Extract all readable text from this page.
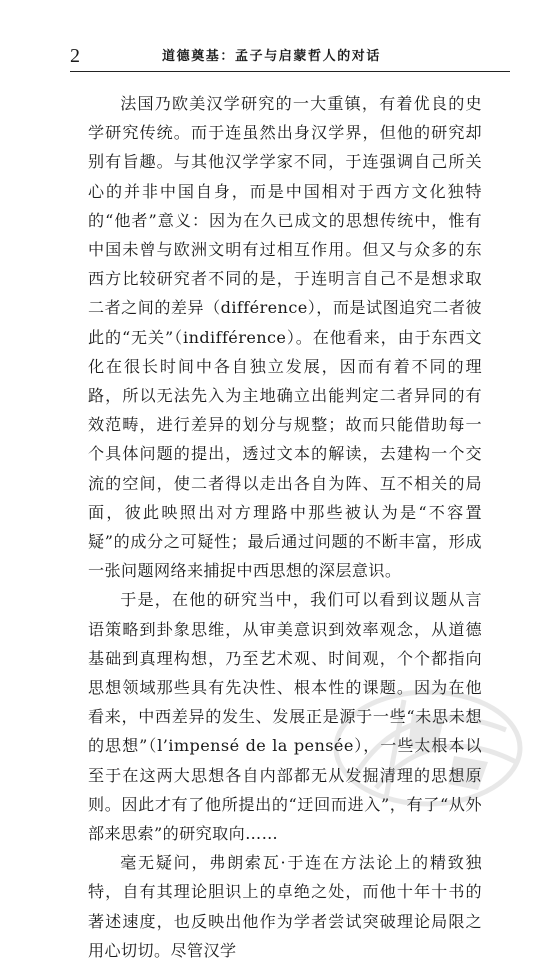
2	道德奠基：孟子与启蒙哲人的对话

法国乃欧美汉学研究的一大重镇，有着优良的史学研究传统。而于连虽然出身汉学界，但他的研究却别有旨趣。与其他汉学学家不同，于连强调自己所关心的并非中国自身，而是中国相对于西方文化独特的“他者”意义：因为在久已成文的思想传统中，惟有中国未曾与欧洲文明有过相互作用。但又与众多的东西方比较研究者不同的是，于连明言自己不是想求取二者之间的差异（différence），而是试图追究二者彼此的“无关”（indifférence）。在他看来，由于东西文化在很长时间中各自独立发展，因而有着不同的理路，所以无法先入为主地确立出能判定二者异同的有效范畴，进行差异的划分与规整；故而只能借助每一个具体问题的提出，透过文本的解读，去建构一个交流的空间，使二者得以走出各自为阵、互不相关的局面，彼此映照出对方理路中那些被认为是“不容置疑”的成分之可疑性；最后通过问题的不断丰富，形成一张问题网络来捕捉中西思想的深层意识。

于是，在他的研究当中，我们可以看到议题从言语策略到卦象思维，从审美意识到效率观念，从道德基础到真理构想，乃至艺术观、时间观，个个都指向思想领域那些具有先决性、根本性的课题。因为在他看来，中西差异的发生、发展正是源于一些“未思未想的思想”（l’impensé de la pensée），一些太根本以至于在这两大思想各自内部都无从发掘清理的思想原则。因此才有了他所提出的“迂回而进入”，有了“从外部来思索”的研究取向……

毫无疑问，弗朗索瓦·于连在方法论上的精致独特，自有其理论胆识上的卓绝之处，而他十年十书的著述速度，也反映出他作为学者尝试突破理论局限之用心切切。尽管汉学
